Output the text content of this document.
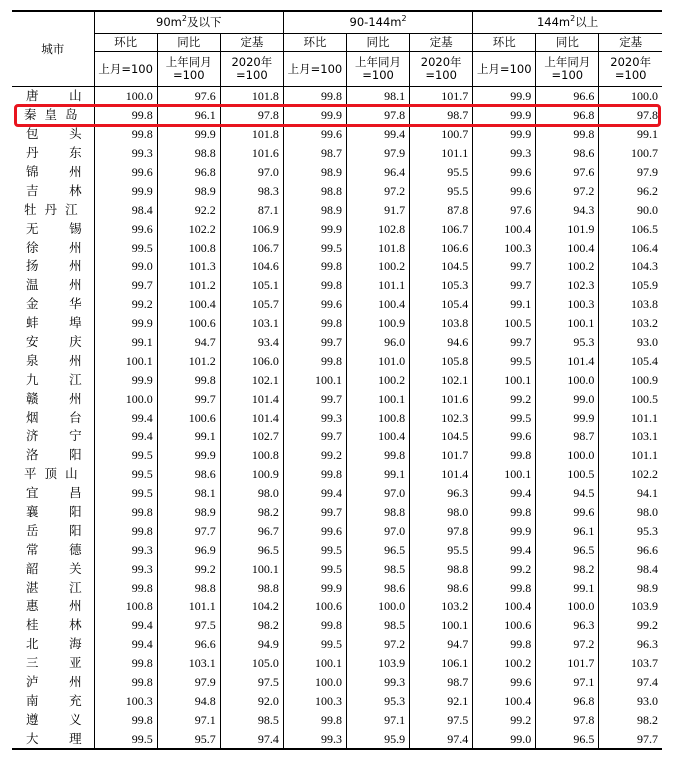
城市	$90m^2$及以下			$90-144m^2$			$144m^2$以上		
	环比	同比	定基	环比	同比	定基	环比	同比	定基
	上月=100	上年同月=100	2020年=100	上月=100	上年同月=100	2020年=100	上月=100	上年同月=100	2020年=100
唐山	100.0	97.6	101.8	99.8	98.1	101.7	99.9	96.6	100.0
秦皇岛	99.8	96.1	97.8	99.9	97.8	98.7	99.9	96.8	97.8
包头	99.8	99.9	101.8	99.6	99.4	100.7	99.9	99.8	99.1
丹东	99.3	98.8	101.6	98.7	97.9	101.1	99.3	98.6	100.7
锦州	99.6	96.8	97.0	98.9	96.4	95.5	99.6	97.6	97.9
吉林	99.9	98.9	98.3	98.8	97.2	95.5	99.6	97.2	96.2
牡丹江	98.4	92.2	87.1	98.9	91.7	87.8	97.6	94.3	90.0
无锡	99.6	102.2	106.9	99.9	102.8	106.7	100.4	101.9	106.5
徐州	99.5	100.8	106.7	99.5	101.8	106.6	100.3	100.4	106.4
扬州	99.0	101.3	104.6	99.8	100.2	104.5	99.7	100.2	104.3
温州	99.7	101.2	105.1	99.8	101.1	105.3	99.7	102.3	105.9
金华	99.2	100.4	105.7	99.6	100.4	105.4	99.1	100.3	103.8
蚌埠	99.9	100.6	103.1	99.8	100.9	103.8	100.5	100.1	103.2
安庆	99.1	94.7	93.4	99.7	96.0	94.6	99.7	95.3	93.0
泉州	100.1	101.2	106.0	99.8	101.0	105.8	99.5	101.4	105.4
九江	99.9	99.8	102.1	100.1	100.2	102.1	100.1	100.0	100.9
赣州	100.0	99.7	101.4	99.7	100.1	101.6	99.2	99.0	100.5
烟台	99.4	100.6	101.4	99.3	100.8	102.3	99.5	99.9	101.1
济宁	99.4	99.1	102.7	99.7	100.4	104.5	99.6	98.7	103.1
洛阳	99.5	99.9	100.8	99.2	99.8	101.7	99.8	100.0	101.1
平顶山	99.5	98.6	100.9	99.8	99.1	101.4	100.1	100.5	102.2
宜昌	99.5	98.1	98.0	99.4	97.0	96.3	99.4	94.5	94.1
襄阳	99.8	98.9	98.2	99.7	98.8	98.0	99.8	99.6	98.0
岳阳	99.8	97.7	96.7	99.6	97.0	97.8	99.9	96.1	95.3
常德	99.3	96.9	96.5	99.5	96.5	95.5	99.4	96.5	96.6
韶关	99.3	99.2	100.1	99.5	98.5	98.8	99.2	98.2	98.4
湛江	99.8	98.8	98.8	99.9	98.6	98.6	99.8	99.1	98.9
惠州	100.8	101.1	104.2	100.6	100.0	103.2	100.4	100.0	103.9
桂林	99.4	97.5	98.2	99.8	98.5	100.1	100.6	96.3	99.2
北海	99.4	96.6	94.9	99.5	97.2	94.7	99.8	97.2	96.3
三亚	99.8	103.1	105.0	100.1	103.9	106.1	100.2	101.7	103.7
泸州	99.8	97.9	97.5	100.0	99.3	98.7	99.6	97.1	97.4
南充	100.3	94.8	92.0	100.3	95.3	92.1	100.4	96.8	93.0
遵义	99.8	97.1	98.5	99.8	97.1	97.5	99.2	97.8	98.2
大理	99.5	95.7	97.4	99.3	95.9	97.4	99.0	96.5	97.7
